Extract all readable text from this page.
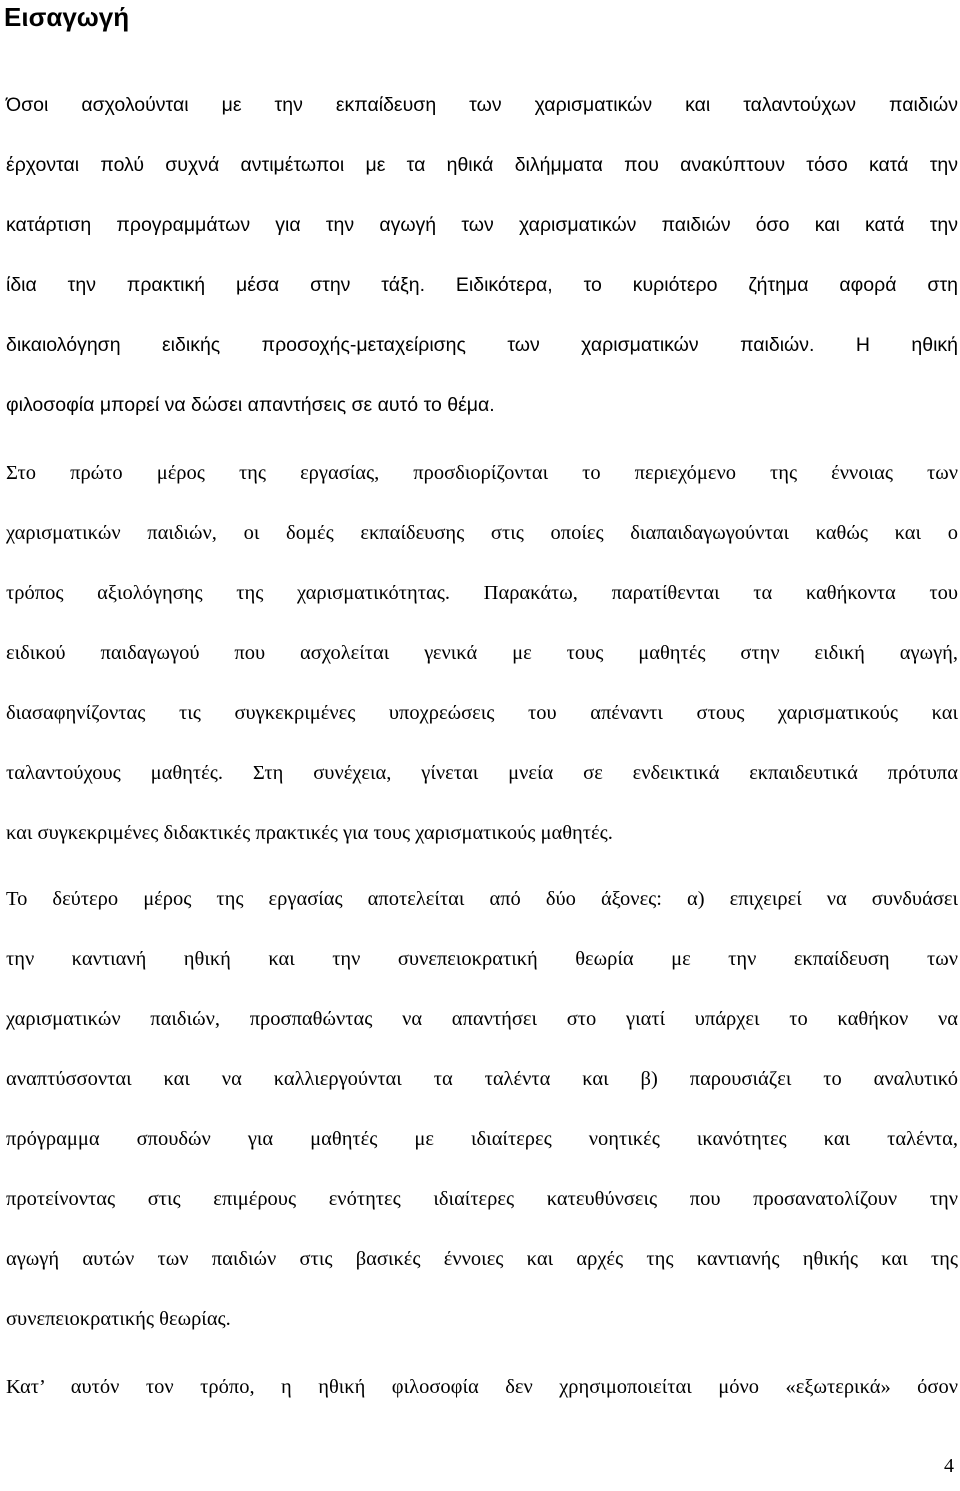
Εισαγωγή
Όσοι ασχολούνται με την εκπαίδευση των χαρισματικών και ταλαντούχων παιδιών
έρχονται πολύ συχνά αντιμέτωποι με τα ηθικά διλήμματα που ανακύπτουν τόσο κατά την
κατάρτιση προγραμμάτων για την αγωγή των χαρισματικών παιδιών όσο και κατά την
ίδια την πρακτική μέσα στην τάξη. Ειδικότερα, το κυριότερο ζήτημα αφορά στη
δικαιολόγηση ειδικής προσοχής-μεταχείρισης των χαρισματικών παιδιών. Η ηθική
φιλοσοφία μπορεί να δώσει απαντήσεις σε αυτό το θέμα.
Στο πρώτο μέρος της εργασίας, προσδιορίζονται το περιεχόμενο της έννοιας των
χαρισματικών παιδιών, οι δομές εκπαίδευσης στις οποίες διαπαιδαγωγούνται καθώς και ο
τρόπος αξιολόγησης της χαρισματικότητας. Παρακάτω, παρατίθενται τα καθήκοντα του
ειδικού παιδαγωγού που ασχολείται γενικά με τους μαθητές στην ειδική αγωγή,
διασαφηνίζοντας τις συγκεκριμένες υποχρεώσεις του απέναντι στους χαρισματικούς και
ταλαντούχους μαθητές. Στη συνέχεια, γίνεται μνεία σε ενδεικτικά εκπαιδευτικά πρότυπα
και συγκεκριμένες διδακτικές πρακτικές για τους χαρισματικούς μαθητές.
Το δεύτερο μέρος της εργασίας αποτελείται από δύο άξονες: α) επιχειρεί να συνδυάσει
την καντιανή ηθική και την συνεπειοκρατική θεωρία με την εκπαίδευση των
χαρισματικών παιδιών, προσπαθώντας να απαντήσει στο γιατί υπάρχει το καθήκον να
αναπτύσσονται και να καλλιεργούνται τα ταλέντα και β) παρουσιάζει το αναλυτικό
πρόγραμμα σπουδών για μαθητές με ιδιαίτερες νοητικές ικανότητες και ταλέντα,
προτείνοντας στις επιμέρους ενότητες ιδιαίτερες κατευθύνσεις που προσανατολίζουν την
αγωγή αυτών των παιδιών στις βασικές έννοιες και αρχές της καντιανής ηθικής και της
συνεπειοκρατικής θεωρίας.
Κατ’ αυτόν τον τρόπο, η ηθική φιλοσοφία δεν χρησιμοποιείται μόνο «εξωτερικά» όσον
4
